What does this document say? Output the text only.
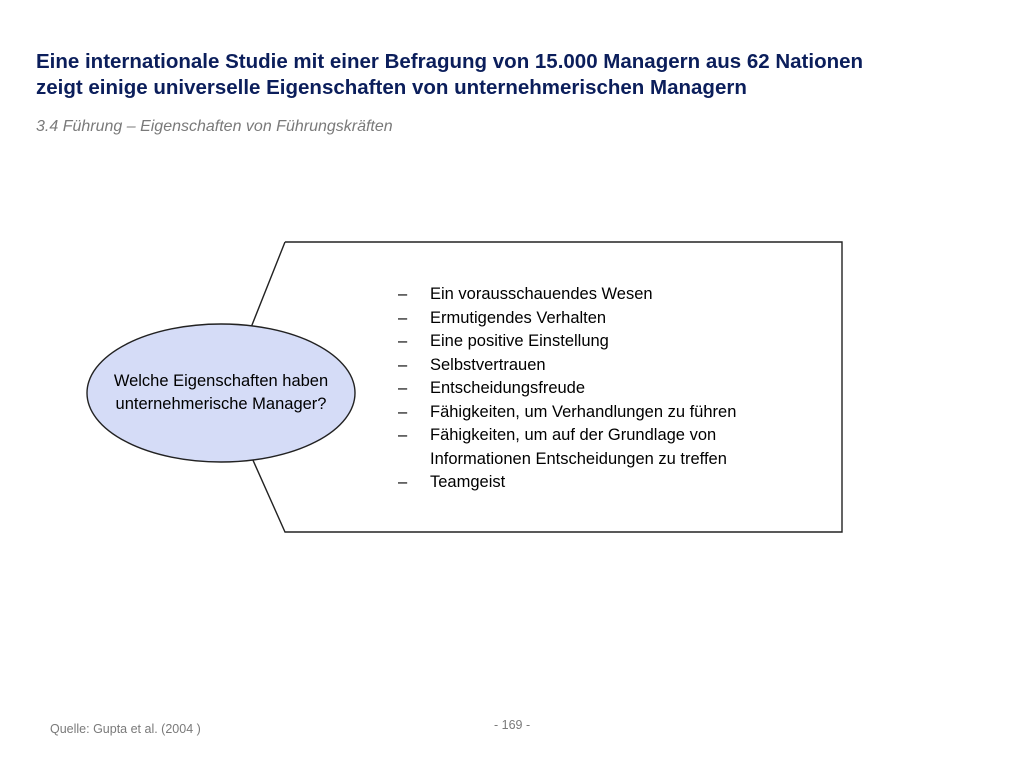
Eine internationale Studie mit einer Befragung von 15.000 Managern aus 62 Nationen
zeigt einige universelle Eigenschaften von unternehmerischen Managern
3.4 Führung – Eigenschaften von Führungskräften
Welche Eigenschaften haben unternehmerische Manager?
– Ein vorausschauendes Wesen
– Ermutigendes Verhalten
– Eine positive Einstellung
– Selbstvertrauen
– Entscheidungsfreude
– Fähigkeiten, um Verhandlungen zu führen
– Fähigkeiten, um auf der Grundlage von Informationen Entscheidungen zu treffen
– Teamgeist
Quelle: Gupta et al. (2004 )	- 169 -
